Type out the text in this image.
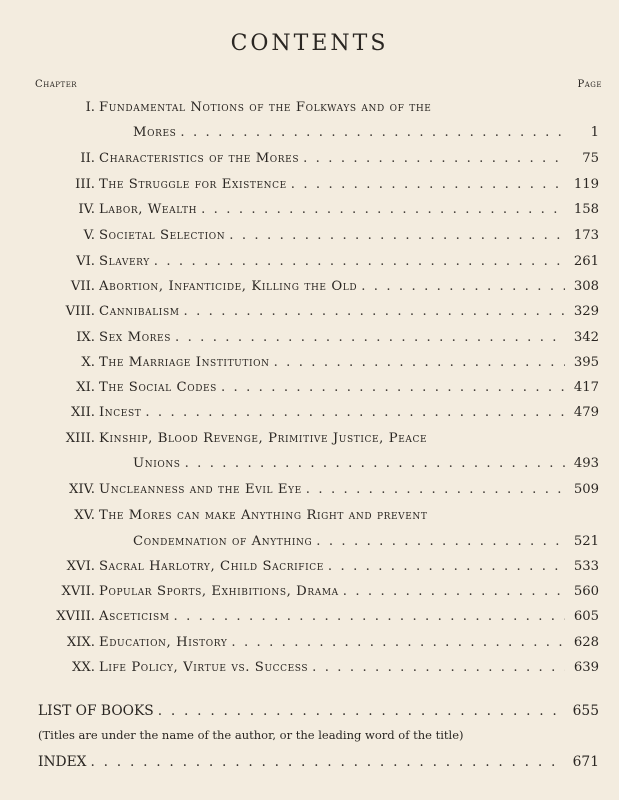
CONTENTS
Chapter	Page
I. Fundamental Notions of the Folkways and of the
Mores .  .	1
II. Characteristics of the Mores .  .	75
III. The Struggle for Existence .  .	119
IV. Labor, Wealth .  .	158
V. Societal Selection .  .	173
VI. Slavery .  .	261
VII. Abortion, Infanticide, Killing the Old .  .	308
VIII. Cannibalism .  .	329
IX. Sex Mores .  .	342
X. The Marriage Institution .  .	395
XI. The Social Codes .  .	417
XII. Incest .  .	479
XIII. Kinship, Blood Revenge, Primitive Justice, Peace
Unions .  .	493
XIV. Uncleanness and the Evil Eye .  .	509
XV. The Mores can make Anything Right and prevent
Condemnation of Anything .  .	521
XVI. Sacral Harlotry, Child Sacrifice .  .	533
XVII. Popular Sports, Exhibitions, Drama .  .	560
XVIII. Asceticism .  .	605
XIX. Education, History .  .	628
XX. Life Policy, Virtue vs. Success .  .	639
LIST OF BOOKS .  .	655
(Titles are under the name of the author, or the leading word of the title)
INDEX .  .	671
